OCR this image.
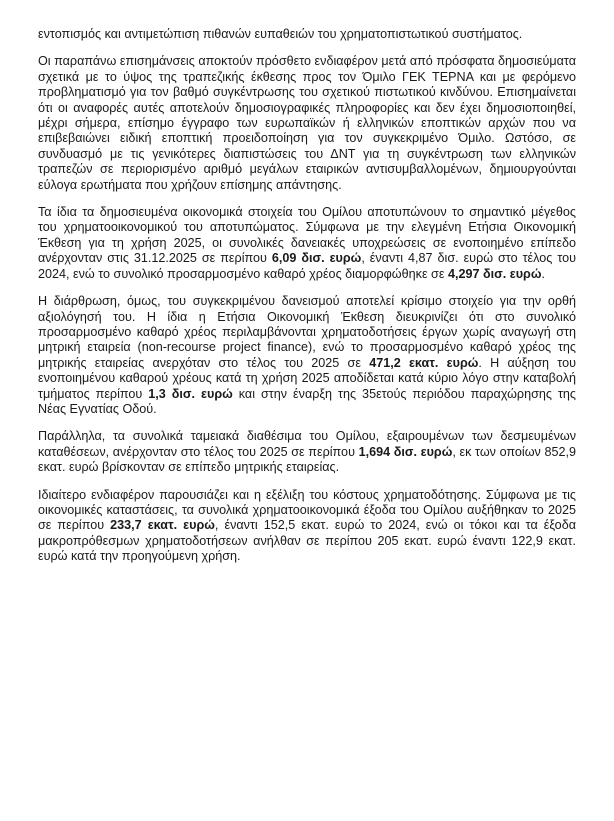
εντοπισμός και αντιμετώπιση πιθανών ευπαθειών του χρηματοπιστωτικού συστήματος.

Οι παραπάνω επισημάνσεις αποκτούν πρόσθετο ενδιαφέρον μετά από πρόσφατα δημοσιεύματα σχετικά με το ύψος της τραπεζικής έκθεσης προς τον Όμιλο ΓΕΚ ΤΕΡΝΑ και με φερόμενο προβληματισμό για τον βαθμό συγκέντρωσης του σχετικού πιστωτικού κινδύνου. Επισημαίνεται ότι οι αναφορές αυτές αποτελούν δημοσιογραφικές πληροφορίες και δεν έχει δημοσιοποιηθεί, μέχρι σήμερα, επίσημο έγγραφο των ευρωπαϊκών ή ελληνικών εποπτικών αρχών που να επιβεβαιώνει ειδική εποπτική προειδοποίηση για τον συγκεκριμένο Όμιλο. Ωστόσο, σε συνδυασμό με τις γενικότερες διαπιστώσεις του ΔΝΤ για τη συγκέντρωση των ελληνικών τραπεζών σε περιορισμένο αριθμό μεγάλων εταιρικών αντισυμβαλλομένων, δημιουργούνται εύλογα ερωτήματα που χρήζουν επίσημης απάντησης.

Τα ίδια τα δημοσιευμένα οικονομικά στοιχεία του Ομίλου αποτυπώνουν το σημαντικό μέγεθος του χρηματοοικονομικού του αποτυπώματος. Σύμφωνα με την ελεγμένη Ετήσια Οικονομική Έκθεση για τη χρήση 2025, οι συνολικές δανειακές υποχρεώσεις σε ενοποιημένο επίπεδο ανέρχονταν στις 31.12.2025 σε περίπου 6,09 δισ. ευρώ, έναντι 4,87 δισ. ευρώ στο τέλος του 2024, ενώ το συνολικό προσαρμοσμένο καθαρό χρέος διαμορφώθηκε σε 4,297 δισ. ευρώ.

Η διάρθρωση, όμως, του συγκεκριμένου δανεισμού αποτελεί κρίσιμο στοιχείο για την ορθή αξιολόγησή του. Η ίδια η Ετήσια Οικονομική Έκθεση διευκρινίζει ότι στο συνολικό προσαρμοσμένο καθαρό χρέος περιλαμβάνονται χρηματοδοτήσεις έργων χωρίς αναγωγή στη μητρική εταιρεία (non-recourse project finance), ενώ το προσαρμοσμένο καθαρό χρέος της μητρικής εταιρείας ανερχόταν στο τέλος του 2025 σε 471,2 εκατ. ευρώ. Η αύξηση του ενοποιημένου καθαρού χρέους κατά τη χρήση 2025 αποδίδεται κατά κύριο λόγο στην καταβολή τμήματος περίπου 1,3 δισ. ευρώ και στην έναρξη της 35ετούς περιόδου παραχώρησης της Νέας Εγνατίας Οδού.

Παράλληλα, τα συνολικά ταμειακά διαθέσιμα του Ομίλου, εξαιρουμένων των δεσμευμένων καταθέσεων, ανέρχονταν στο τέλος του 2025 σε περίπου 1,694 δισ. ευρώ, εκ των οποίων 852,9 εκατ. ευρώ βρίσκονταν σε επίπεδο μητρικής εταιρείας.

Ιδιαίτερο ενδιαφέρον παρουσιάζει και η εξέλιξη του κόστους χρηματοδότησης. Σύμφωνα με τις οικονομικές καταστάσεις, τα συνολικά χρηματοοικονομικά έξοδα του Ομίλου αυξήθηκαν το 2025 σε περίπου 233,7 εκατ. ευρώ, έναντι 152,5 εκατ. ευρώ το 2024, ενώ οι τόκοι και τα έξοδα μακροπρόθεσμων χρηματοδοτήσεων ανήλθαν σε περίπου 205 εκατ. ευρώ έναντι 122,9 εκατ. ευρώ κατά την προηγούμενη χρήση.
